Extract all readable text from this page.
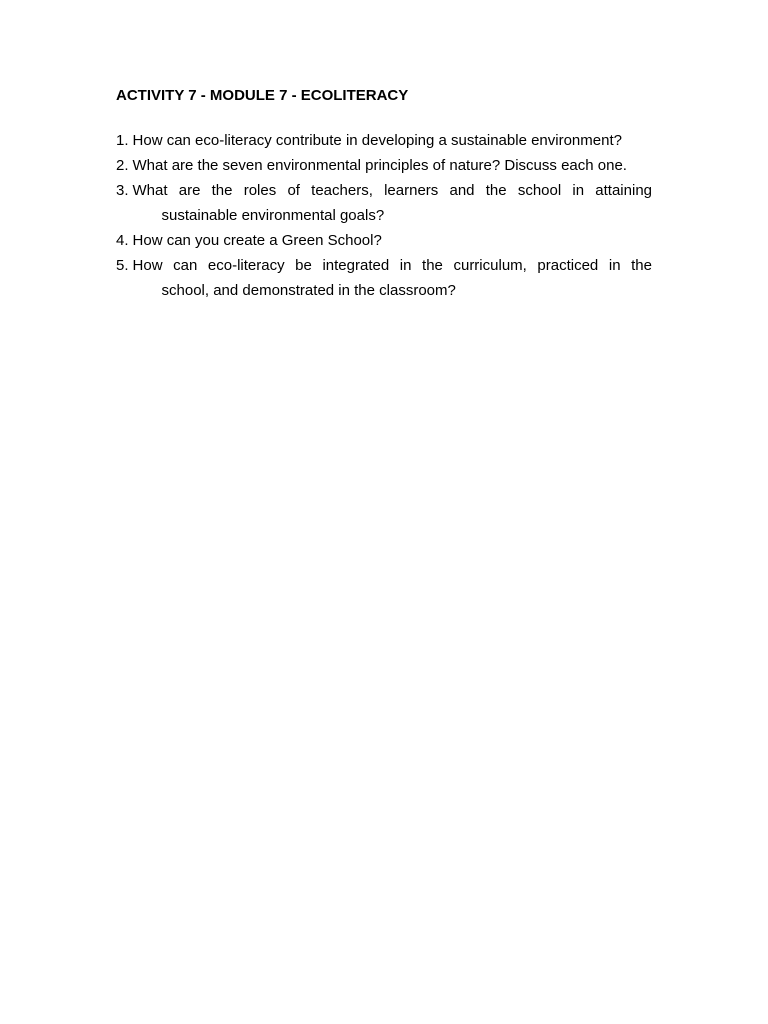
ACTIVITY 7 - MODULE 7 - ECOLITERACY
1. How can eco-literacy contribute in developing a sustainable environment?
2. What are the seven environmental principles of nature? Discuss each one.
3. What are the roles of teachers, learners and the school in attaining
sustainable environmental goals?
4. How can you create a Green School?
5. How can eco-literacy be integrated in the curriculum, practiced in the
school, and demonstrated in the classroom?
